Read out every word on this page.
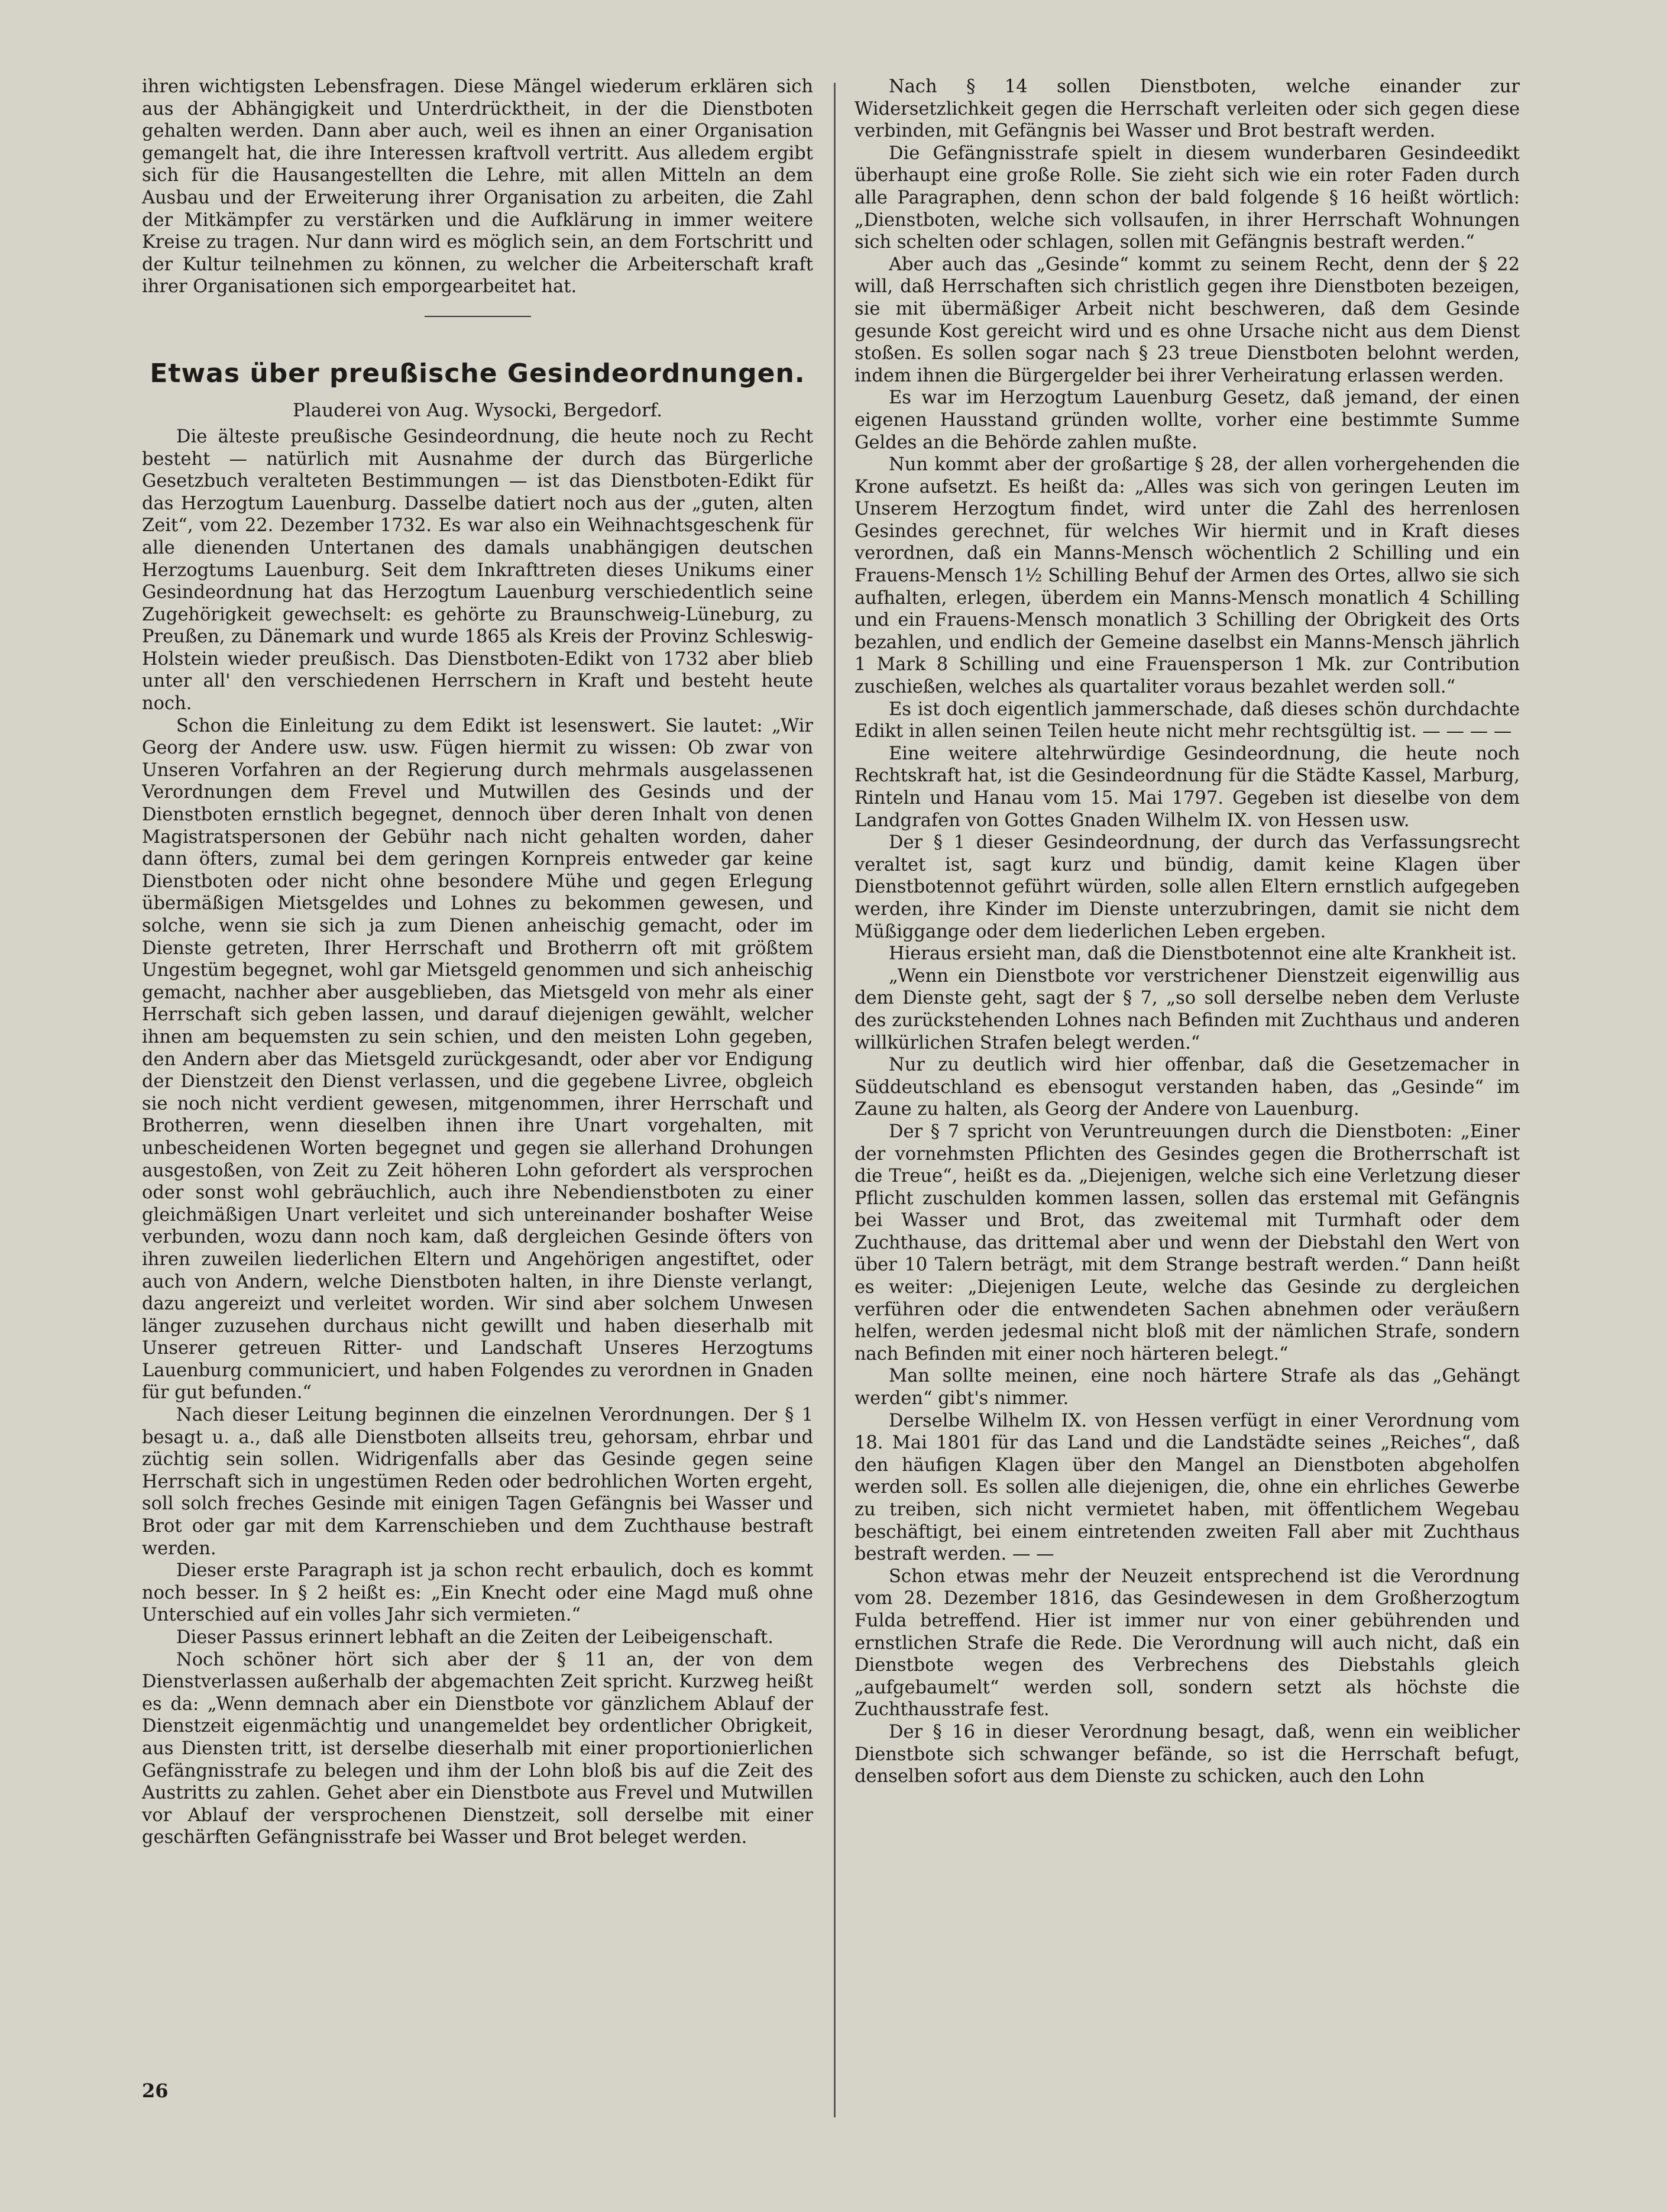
ihren wichtigsten Lebensfragen. Diese Mängel wiederum erklären sich aus der Abhängigkeit und Unterdrücktheit, in der die Dienstboten gehalten werden. Dann aber auch, weil es ihnen an einer Organisation gemangelt hat, die ihre Interessen kraftvoll vertritt. Aus alledem ergibt sich für die Hausangestellten die Lehre, mit allen Mitteln an dem Ausbau und der Erweiterung ihrer Organisation zu arbeiten, die Zahl der Mitkämpfer zu verstärken und die Aufklärung in immer weitere Kreise zu tragen. Nur dann wird es möglich sein, an dem Fortschritt und der Kultur teilnehmen zu können, zu welcher die Arbeiterschaft kraft ihrer Organisationen sich emporgearbeitet hat.

Etwas über preußische Gesindeordnungen.
Plauderei von Aug. Wysocki, Bergedorf.

Die älteste preußische Gesindeordnung, die heute noch zu Recht besteht — natürlich mit Ausnahme der durch das Bürgerliche Gesetzbuch veralteten Bestimmungen — ist das Dienstboten-Edikt für das Herzogtum Lauenburg. Dasselbe datiert noch aus der „guten, alten Zeit“, vom 22. Dezember 1732. Es war also ein Weihnachtsgeschenk für alle dienenden Untertanen des damals unabhängigen deutschen Herzogtums Lauenburg. Seit dem Inkrafttreten dieses Unikums einer Gesindeordnung hat das Herzogtum Lauenburg verschiedentlich seine Zugehörigkeit gewechselt: es gehörte zu Braunschweig-Lüneburg, zu Preußen, zu Dänemark und wurde 1865 als Kreis der Provinz Schleswig-Holstein wieder preußisch. Das Dienstboten-Edikt von 1732 aber blieb unter all' den verschiedenen Herrschern in Kraft und besteht heute noch.

Schon die Einleitung zu dem Edikt ist lesenswert. Sie lautet: „Wir Georg der Andere usw. usw. Fügen hiermit zu wissen: Ob zwar von Unseren Vorfahren an der Regierung durch mehrmals ausgelassenen Verordnungen dem Frevel und Mutwillen des Gesinds und der Dienstboten ernstlich begegnet, dennoch über deren Inhalt von denen Magistratspersonen der Gebühr nach nicht gehalten worden, daher dann öfters, zumal bei dem geringen Kornpreis entweder gar keine Dienstboten oder nicht ohne besondere Mühe und gegen Erlegung übermäßigen Mietsgeldes und Lohnes zu bekommen gewesen, und solche, wenn sie sich ja zum Dienen anheischig gemacht, oder im Dienste getreten, Ihrer Herrschaft und Brotherrn oft mit größtem Ungestüm begegnet, wohl gar Mietsgeld genommen und sich anheischig gemacht, nachher aber ausgeblieben, das Mietsgeld von mehr als einer Herrschaft sich geben lassen, und darauf diejenigen gewählt, welcher ihnen am bequemsten zu sein schien, und den meisten Lohn gegeben, den Andern aber das Mietsgeld zurückgesandt, oder aber vor Endigung der Dienstzeit den Dienst verlassen, und die gegebene Livree, obgleich sie noch nicht verdient gewesen, mitgenommen, ihrer Herrschaft und Brotherren, wenn dieselben ihnen ihre Unart vorgehalten, mit unbescheidenen Worten begegnet und gegen sie allerhand Drohungen ausgestoßen, von Zeit zu Zeit höheren Lohn gefordert als versprochen oder sonst wohl gebräuchlich, auch ihre Nebendienstboten zu einer gleichmäßigen Unart verleitet und sich untereinander boshafter Weise verbunden, wozu dann noch kam, daß dergleichen Gesinde öfters von ihren zuweilen liederlichen Eltern und Angehörigen angestiftet, oder auch von Andern, welche Dienstboten halten, in ihre Dienste verlangt, dazu angereizt und verleitet worden. Wir sind aber solchem Unwesen länger zuzusehen durchaus nicht gewillt und haben dieserhalb mit Unserer getreuen Ritter- und Landschaft Unseres Herzogtums Lauenburg communiciert, und haben Folgendes zu verordnen in Gnaden für gut befunden.“

Nach dieser Leitung beginnen die einzelnen Verordnungen. Der § 1 besagt u. a., daß alle Dienstboten allseits treu, gehorsam, ehrbar und züchtig sein sollen. Widrigenfalls aber das Gesinde gegen seine Herrschaft sich in ungestümen Reden oder bedrohlichen Worten ergeht, soll solch freches Gesinde mit einigen Tagen Gefängnis bei Wasser und Brot oder gar mit dem Karrenschieben und dem Zuchthause bestraft werden.

Dieser erste Paragraph ist ja schon recht erbaulich, doch es kommt noch besser. In § 2 heißt es: „Ein Knecht oder eine Magd muß ohne Unterschied auf ein volles Jahr sich vermieten.“

Dieser Passus erinnert lebhaft an die Zeiten der Leibeigenschaft.

Noch schöner hört sich aber der § 11 an, der von dem Dienstverlassen außerhalb der abgemachten Zeit spricht. Kurzweg heißt es da: „Wenn demnach aber ein Dienstbote vor gänzlichem Ablauf der Dienstzeit eigenmächtig und unangemeldet bey ordentlicher Obrigkeit, aus Diensten tritt, ist derselbe dieserhalb mit einer proportionierlichen Gefängnisstrafe zu belegen und ihm der Lohn bloß bis auf die Zeit des Austritts zu zahlen. Gehet aber ein Dienstbote aus Frevel und Mutwillen vor Ablauf der versprochenen Dienstzeit, soll derselbe mit einer geschärften Gefängnisstrafe bei Wasser und Brot beleget werden.

Nach § 14 sollen Dienstboten, welche einander zur Widersetzlichkeit gegen die Herrschaft verleiten oder sich gegen diese verbinden, mit Gefängnis bei Wasser und Brot bestraft werden.

Die Gefängnisstrafe spielt in diesem wunderbaren Gesindeedikt überhaupt eine große Rolle. Sie zieht sich wie ein roter Faden durch alle Paragraphen, denn schon der bald folgende § 16 heißt wörtlich: „Dienstboten, welche sich vollsaufen, in ihrer Herrschaft Wohnungen sich schelten oder schlagen, sollen mit Gefängnis bestraft werden.“

Aber auch das „Gesinde“ kommt zu seinem Recht, denn der § 22 will, daß Herrschaften sich christlich gegen ihre Dienstboten bezeigen, sie mit übermäßiger Arbeit nicht beschweren, daß dem Gesinde gesunde Kost gereicht wird und es ohne Ursache nicht aus dem Dienst stoßen. Es sollen sogar nach § 23 treue Dienstboten belohnt werden, indem ihnen die Bürgergelder bei ihrer Verheiratung erlassen werden.

Es war im Herzogtum Lauenburg Gesetz, daß jemand, der einen eigenen Hausstand gründen wollte, vorher eine bestimmte Summe Geldes an die Behörde zahlen mußte.

Nun kommt aber der großartige § 28, der allen vorhergehenden die Krone aufsetzt. Es heißt da: „Alles was sich von geringen Leuten im Unserem Herzogtum findet, wird unter die Zahl des herrenlosen Gesindes gerechnet, für welches Wir hiermit und in Kraft dieses verordnen, daß ein Manns-Mensch wöchentlich 2 Schilling und ein Frauens-Mensch 1½ Schilling Behuf der Armen des Ortes, allwo sie sich aufhalten, erlegen, überdem ein Manns-Mensch monatlich 4 Schilling und ein Frauens-Mensch monatlich 3 Schilling der Obrigkeit des Orts bezahlen, und endlich der Gemeine daselbst ein Manns-Mensch jährlich 1 Mark 8 Schilling und eine Frauensperson 1 Mk. zur Contribution zuschießen, welches als quartaliter voraus bezahlet werden soll.“

Es ist doch eigentlich jammerschade, daß dieses schön durchdachte Edikt in allen seinen Teilen heute nicht mehr rechtsgültig ist. — — — —

Eine weitere altehrwürdige Gesindeordnung, die heute noch Rechtskraft hat, ist die Gesindeordnung für die Städte Kassel, Marburg, Rinteln und Hanau vom 15. Mai 1797. Gegeben ist dieselbe von dem Landgrafen von Gottes Gnaden Wilhelm IX. von Hessen usw.

Der § 1 dieser Gesindeordnung, der durch das Verfassungsrecht veraltet ist, sagt kurz und bündig, damit keine Klagen über Dienstbotennot geführt würden, solle allen Eltern ernstlich aufgegeben werden, ihre Kinder im Dienste unterzubringen, damit sie nicht dem Müßiggange oder dem liederlichen Leben ergeben.

Hieraus ersieht man, daß die Dienstbotennot eine alte Krankheit ist.

„Wenn ein Dienstbote vor verstrichener Dienstzeit eigenwillig aus dem Dienste geht, sagt der § 7, „so soll derselbe neben dem Verluste des zurückstehenden Lohnes nach Befinden mit Zuchthaus und anderen willkürlichen Strafen belegt werden.“

Nur zu deutlich wird hier offenbar, daß die Gesetzemacher in Süddeutschland es ebensogut verstanden haben, das „Gesinde“ im Zaune zu halten, als Georg der Andere von Lauenburg.

Der § 7 spricht von Veruntreuungen durch die Dienstboten: „Einer der vornehmsten Pflichten des Gesindes gegen die Brotherrschaft ist die Treue“, heißt es da. „Diejenigen, welche sich eine Verletzung dieser Pflicht zuschulden kommen lassen, sollen das erstemal mit Gefängnis bei Wasser und Brot, das zweitemal mit Turmhaft oder dem Zuchthause, das drittemal aber und wenn der Diebstahl den Wert von über 10 Talern beträgt, mit dem Strange bestraft werden.“ Dann heißt es weiter: „Diejenigen Leute, welche das Gesinde zu dergleichen verführen oder die entwendeten Sachen abnehmen oder veräußern helfen, werden jedesmal nicht bloß mit der nämlichen Strafe, sondern nach Befinden mit einer noch härteren belegt.“

Man sollte meinen, eine noch härtere Strafe als das „Gehängt werden“ gibt's nimmer.

Derselbe Wilhelm IX. von Hessen verfügt in einer Verordnung vom 18. Mai 1801 für das Land und die Landstädte seines „Reiches“, daß den häufigen Klagen über den Mangel an Dienstboten abgeholfen werden soll. Es sollen alle diejenigen, die, ohne ein ehrliches Gewerbe zu treiben, sich nicht vermietet haben, mit öffentlichem Wegebau beschäftigt, bei einem eintretenden zweiten Fall aber mit Zuchthaus bestraft werden. — —

Schon etwas mehr der Neuzeit entsprechend ist die Verordnung vom 28. Dezember 1816, das Gesindewesen in dem Großherzogtum Fulda betreffend. Hier ist immer nur von einer gebührenden und ernstlichen Strafe die Rede. Die Verordnung will auch nicht, daß ein Dienstbote wegen des Verbrechens des Diebstahls gleich „aufgebaumelt“ werden soll, sondern setzt als höchste die Zuchthausstrafe fest.

Der § 16 in dieser Verordnung besagt, daß, wenn ein weiblicher Dienstbote sich schwanger befände, so ist die Herrschaft befugt, denselben sofort aus dem Dienste zu schicken, auch den Lohn

26
